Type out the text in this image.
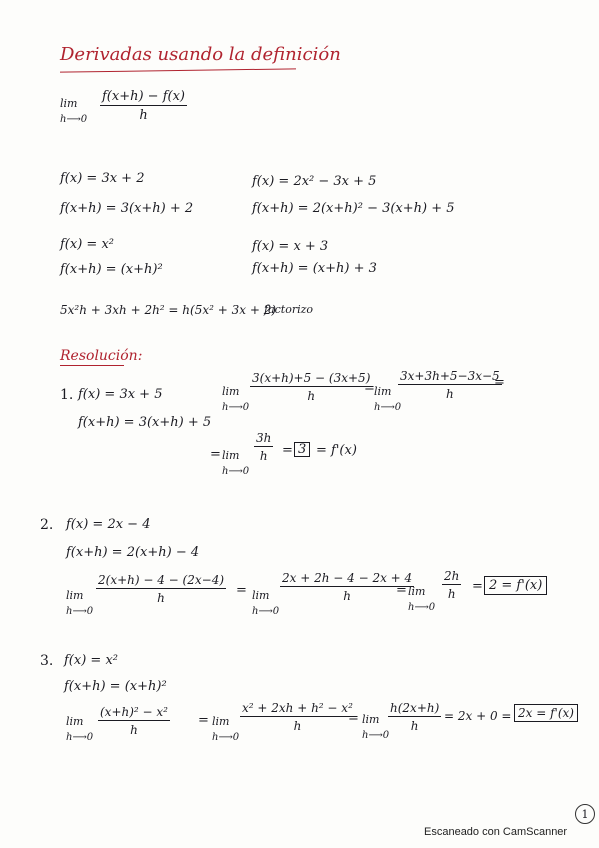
Derivadas usando la definición
lim
h⟶0 $\frac{f(x+h) - f(x)}{h}$
f(x) = 3x + 2
f(x+h) = 3(x+h) + 2
f(x) = x²
f(x+h) = (x+h)²
f(x) = 2x² − 3x + 5
f(x+h) = 2(x+h)² − 3(x+h) + 5
f(x) = x + 3
f(x+h) = (x+h) + 3
5x²h + 3xh + 2h² = h(5x² + 3x + 2)
factorizo
Resolución:
1. f(x) = 3x + 5
f(x+h) = 3(x+h) + 5
lim
h⟶0
$\frac{3(x+h)+5 - (3x+5)}{h}$
= lim
h⟶0
$\frac{3x+3h+5-3x-5}{h}$
=
= lim
h⟶0
$\frac{3h}{h} = 3 = f'(x)$
2. f(x) = 2x − 4
f(x+h) = 2(x+h) − 4
lim
h⟶0
$\frac{2(x+h) - 4 - (2x-4)}{h} = \lim$
h⟶0
$\frac{2x + 2h - 4 - 2x + 4}{h}$
= lim
h⟶0
$\frac{2h}{h} = 2 = f'(x)$
3. f(x) = x²
f(x+h) = (x+h)²
lim
h⟶0
$\frac{\text{(x+h)² − x²}}{h} = \lim$
h⟶0
$\frac{\text{x² + 2xh + h² − x²}}{h}$
= lim
h⟶0
$\frac{h(2x+h)}{h} = 2x + 0 = 2x = f'(x)$
1
Escaneado con CamScanner
